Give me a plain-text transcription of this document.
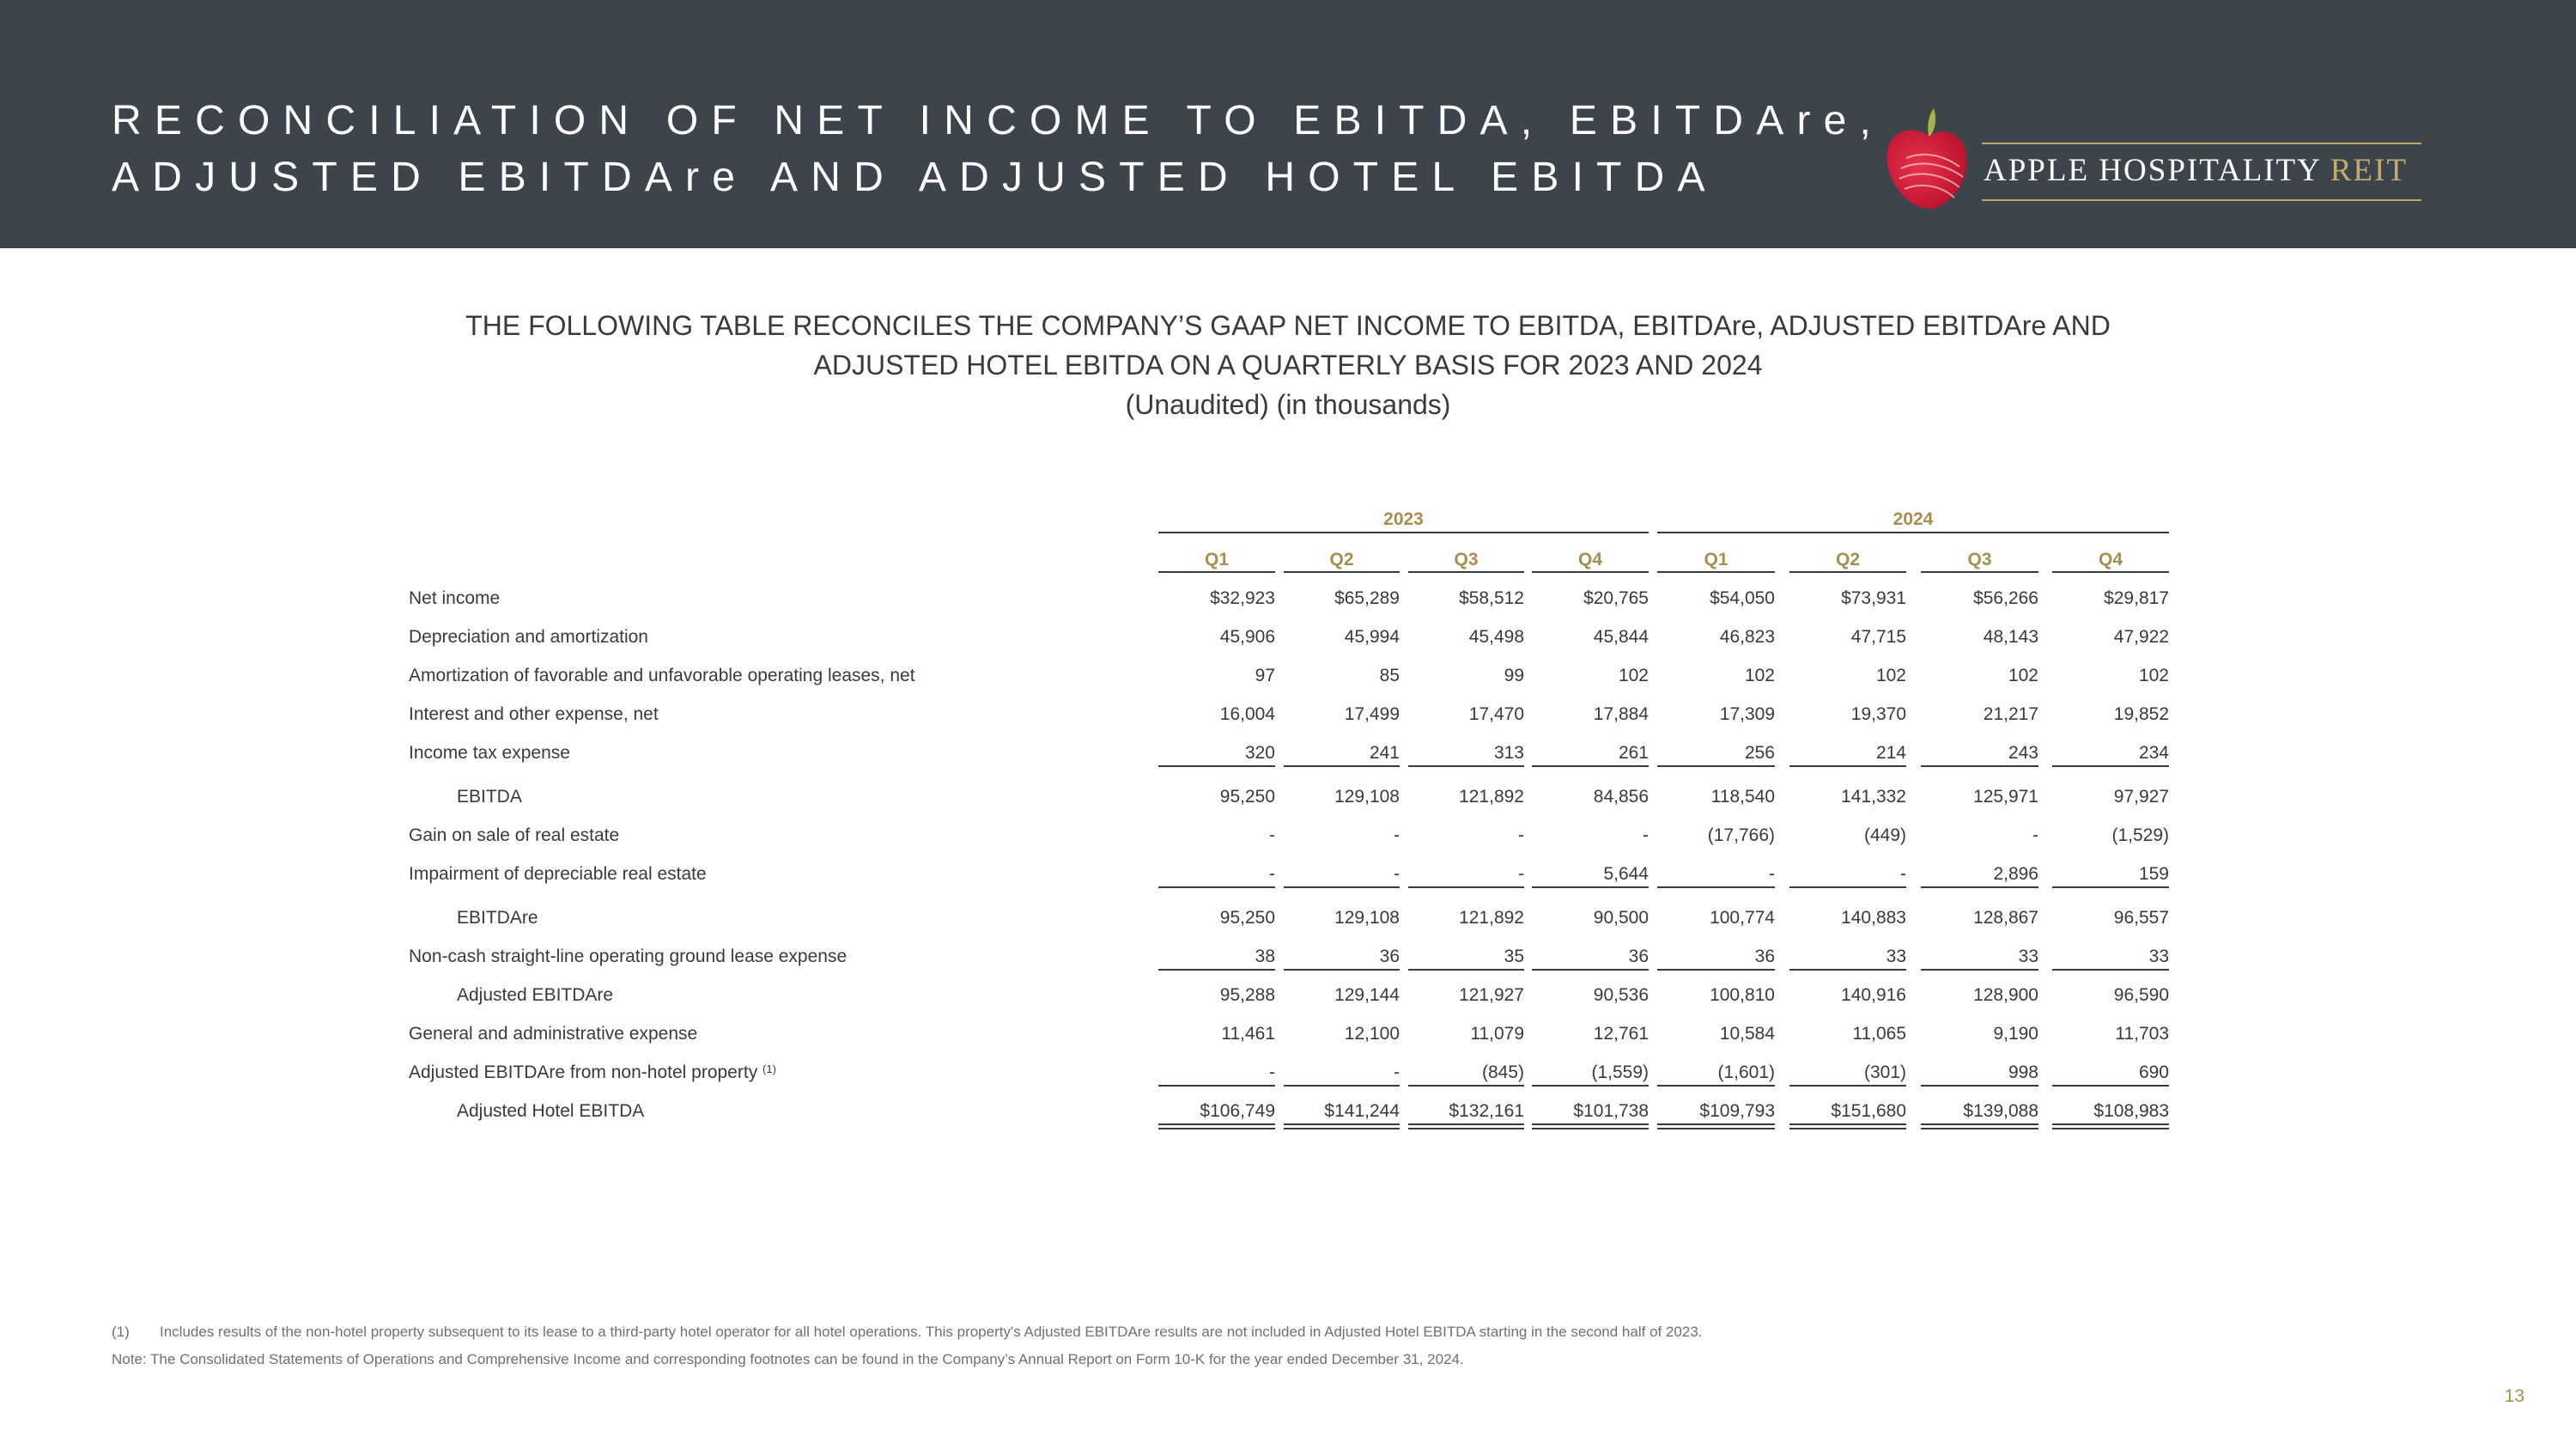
RECONCILIATION OF NET INCOME TO EBITDA, EBITDAre,
ADJUSTED EBITDAre AND ADJUSTED HOTEL EBITDA	APPLE HOSPITALITY REIT
THE FOLLOWING TABLE RECONCILES THE COMPANY’S GAAP NET INCOME TO EBITDA, EBITDAre, ADJUSTED EBITDAre AND
ADJUSTED HOTEL EBITDA ON A QUARTERLY BASIS FOR 2023 AND 2024
(Unaudited) (in thousands)
2023	2024
Q1	Q2	Q3	Q4	Q1	Q2	Q3	Q4
Net income	$32,923	$65,289	$58,512	$20,765	$54,050	$73,931	$56,266	$29,817
Depreciation and amortization	45,906	45,994	45,498	45,844	46,823	47,715	48,143	47,922
Amortization of favorable and unfavorable operating leases, net	97	85	99	102	102	102	102	102
Interest and other expense, net	16,004	17,499	17,470	17,884	17,309	19,370	21,217	19,852
Income tax expense	320	241	313	261	256	214	243	234
EBITDA	95,250	129,108	121,892	84,856	118,540	141,332	125,971	97,927
Gain on sale of real estate	-	-	-	-	(17,766)	(449)	-	(1,529)
Impairment of depreciable real estate	-	-	-	5,644	-	-	2,896	159
EBITDAre	95,250	129,108	121,892	90,500	100,774	140,883	128,867	96,557
Non-cash straight-line operating ground lease expense	38	36	35	36	36	33	33	33
Adjusted EBITDAre	95,288	129,144	121,927	90,536	100,810	140,916	128,900	96,590
General and administrative expense	11,461	12,100	11,079	12,761	10,584	11,065	9,190	11,703
Adjusted EBITDAre from non-hotel property $^{(1)}$	-	-	(845)	(1,559)	(1,601)	(301)	998	690
Adjusted Hotel EBITDA	$106,749	$141,244	$132,161	$101,738	$109,793	$151,680	$139,088	$108,983
(1) Includes results of the non-hotel property subsequent to its lease to a third-party hotel operator for all hotel operations. This property's Adjusted EBITDAre results are not included in Adjusted Hotel EBITDA starting in the second half of 2023.
Note: The Consolidated Statements of Operations and Comprehensive Income and corresponding footnotes can be found in the Company’s Annual Report on Form 10-K for the year ended December 31, 2024.
13
